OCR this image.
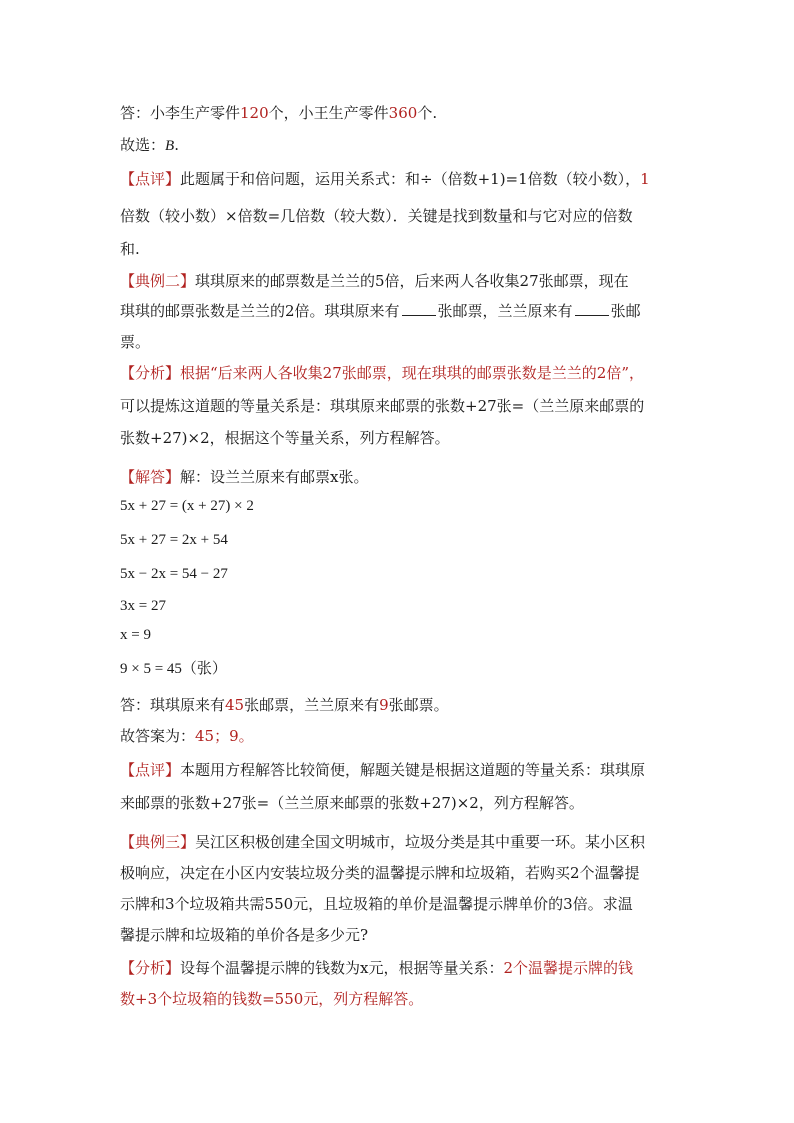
答：小李生产零件120个，小王生产零件360个.
故选：B.
【点评】此题属于和倍问题，运用关系式：和÷（倍数+1)=1倍数（较小数），1
倍数（较小数）×倍数=几倍数（较大数）．关键是找到数量和与它对应的倍数
和.
【典例二】琪琪原来的邮票数是兰兰的5倍，后来两人各收集27张邮票，现在
琪琪的邮票张数是兰兰的2倍。琪琪原来有	张邮票，兰兰原来有	张邮
票。
【分析】根据“后来两人各收集27张邮票，现在琪琪的邮票张数是兰兰的2倍”，
可以提炼这道题的等量关系是：琪琪原来邮票的张数+27张=（兰兰原来邮票的
张数+27)×2，根据这个等量关系，列方程解答。
【解答】解：设兰兰原来有邮票x张。
5x + 27 = (x + 27) × 2
5x + 27 = 2x + 54
5x − 2x = 54 − 27
3x = 27
x = 9
9 × 5 = 45（张）
答：琪琪原来有45张邮票，兰兰原来有9张邮票。
故答案为：45；9。
【点评】本题用方程解答比较简便，解题关键是根据这道题的等量关系：琪琪原
来邮票的张数+27张=（兰兰原来邮票的张数+27)×2，列方程解答。
【典例三】吴江区积极创建全国文明城市，垃圾分类是其中重要一环。某小区积
极响应，决定在小区内安装垃圾分类的温馨提示牌和垃圾箱，若购买2个温馨提
示牌和3个垃圾箱共需550元，且垃圾箱的单价是温馨提示牌单价的3倍。求温
馨提示牌和垃圾箱的单价各是多少元?
【分析】设每个温馨提示牌的钱数为x元，根据等量关系：2个温馨提示牌的钱
数+3个垃圾箱的钱数=550元，列方程解答。
